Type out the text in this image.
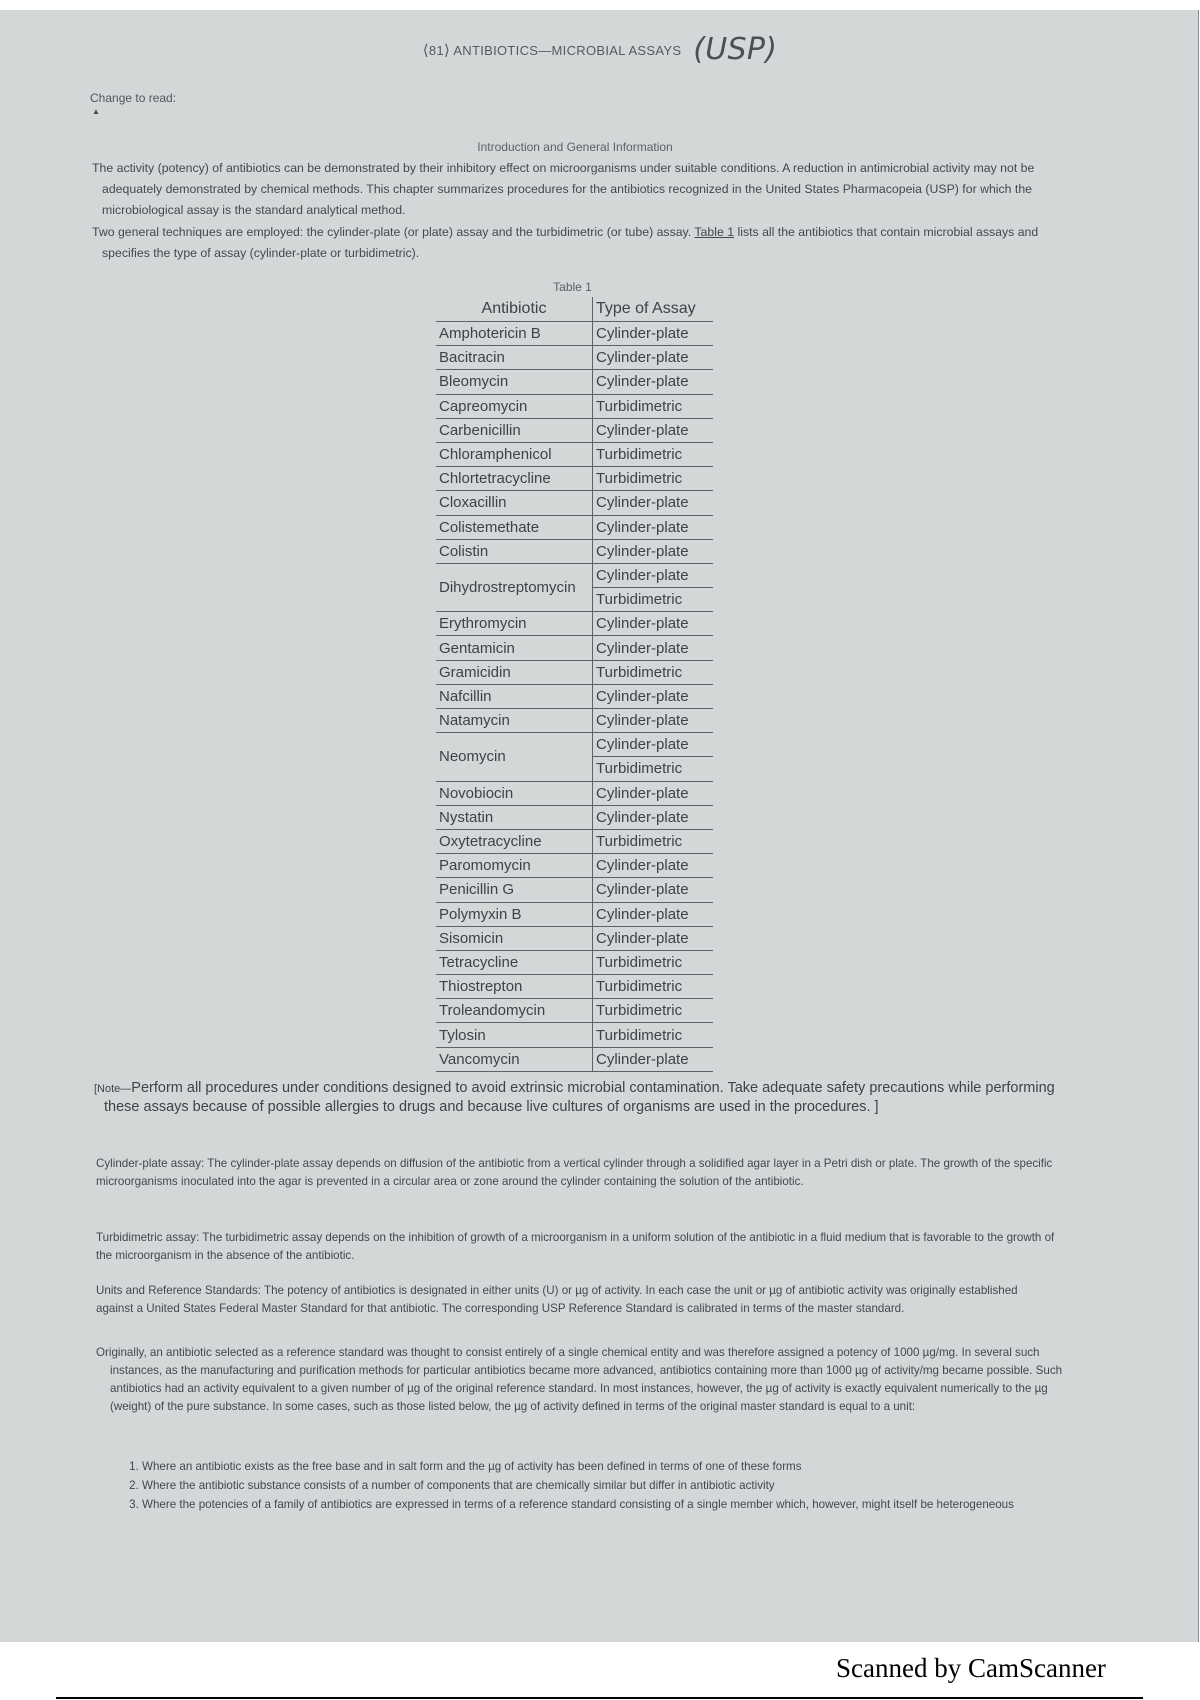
⟨81⟩ ANTIBIOTICS—MICROBIAL ASSAYS (USP)
Change to read:
▲
Introduction and General Information
The activity (potency) of antibiotics can be demonstrated by their inhibitory effect on microorganisms under suitable conditions. A reduction in antimicrobial activity may not be adequately demonstrated by chemical methods. This chapter summarizes procedures for the antibiotics recognized in the United States Pharmacopeia (USP) for which the microbiological assay is the standard analytical method.
Two general techniques are employed: the cylinder-plate (or plate) assay and the turbidimetric (or tube) assay. Table 1 lists all the antibiotics that contain microbial assays and specifies the type of assay (cylinder-plate or turbidimetric).
Table 1
Antibiotic	Type of Assay
Amphotericin B	Cylinder-plate
Bacitracin	Cylinder-plate
Bleomycin	Cylinder-plate
Capreomycin	Turbidimetric
Carbenicillin	Cylinder-plate
Chloramphenicol	Turbidimetric
Chlortetracycline	Turbidimetric
Cloxacillin	Cylinder-plate
Colistemethate	Cylinder-plate
Colistin	Cylinder-plate
Dihydrostreptomycin	Cylinder-plate
	Turbidimetric
Erythromycin	Cylinder-plate
Gentamicin	Cylinder-plate
Gramicidin	Turbidimetric
Nafcillin	Cylinder-plate
Natamycin	Cylinder-plate
Neomycin	Cylinder-plate
	Turbidimetric
Novobiocin	Cylinder-plate
Nystatin	Cylinder-plate
Oxytetracycline	Turbidimetric
Paromomycin	Cylinder-plate
Penicillin G	Cylinder-plate
Polymyxin B	Cylinder-plate
Sisomicin	Cylinder-plate
Tetracycline	Turbidimetric
Thiostrepton	Turbidimetric
Troleandomycin	Turbidimetric
Tylosin	Turbidimetric
Vancomycin	Cylinder-plate
[Note—Perform all procedures under conditions designed to avoid extrinsic microbial contamination. Take adequate safety precautions while performing these assays because of possible allergies to drugs and because live cultures of organisms are used in the procedures. ]
Cylinder-plate assay: The cylinder-plate assay depends on diffusion of the antibiotic from a vertical cylinder through a solidified agar layer in a Petri dish or plate. The growth of the specific microorganisms inoculated into the agar is prevented in a circular area or zone around the cylinder containing the solution of the antibiotic.
Turbidimetric assay: The turbidimetric assay depends on the inhibition of growth of a microorganism in a uniform solution of the antibiotic in a fluid medium that is favorable to the growth of the microorganism in the absence of the antibiotic.
Units and Reference Standards: The potency of antibiotics is designated in either units (U) or µg of activity. In each case the unit or µg of antibiotic activity was originally established against a United States Federal Master Standard for that antibiotic. The corresponding USP Reference Standard is calibrated in terms of the master standard.
Originally, an antibiotic selected as a reference standard was thought to consist entirely of a single chemical entity and was therefore assigned a potency of 1000 µg/mg. In several such instances, as the manufacturing and purification methods for particular antibiotics became more advanced, antibiotics containing more than 1000 µg of activity/mg became possible. Such antibiotics had an activity equivalent to a given number of µg of the original reference standard. In most instances, however, the µg of activity is exactly equivalent numerically to the µg (weight) of the pure substance. In some cases, such as those listed below, the µg of activity defined in terms of the original master standard is equal to a unit:
1. Where an antibiotic exists as the free base and in salt form and the µg of activity has been defined in terms of one of these forms
2. Where the antibiotic substance consists of a number of components that are chemically similar but differ in antibiotic activity
3. Where the potencies of a family of antibiotics are expressed in terms of a reference standard consisting of a single member which, however, might itself be heterogeneous
Scanned by CamScanner
